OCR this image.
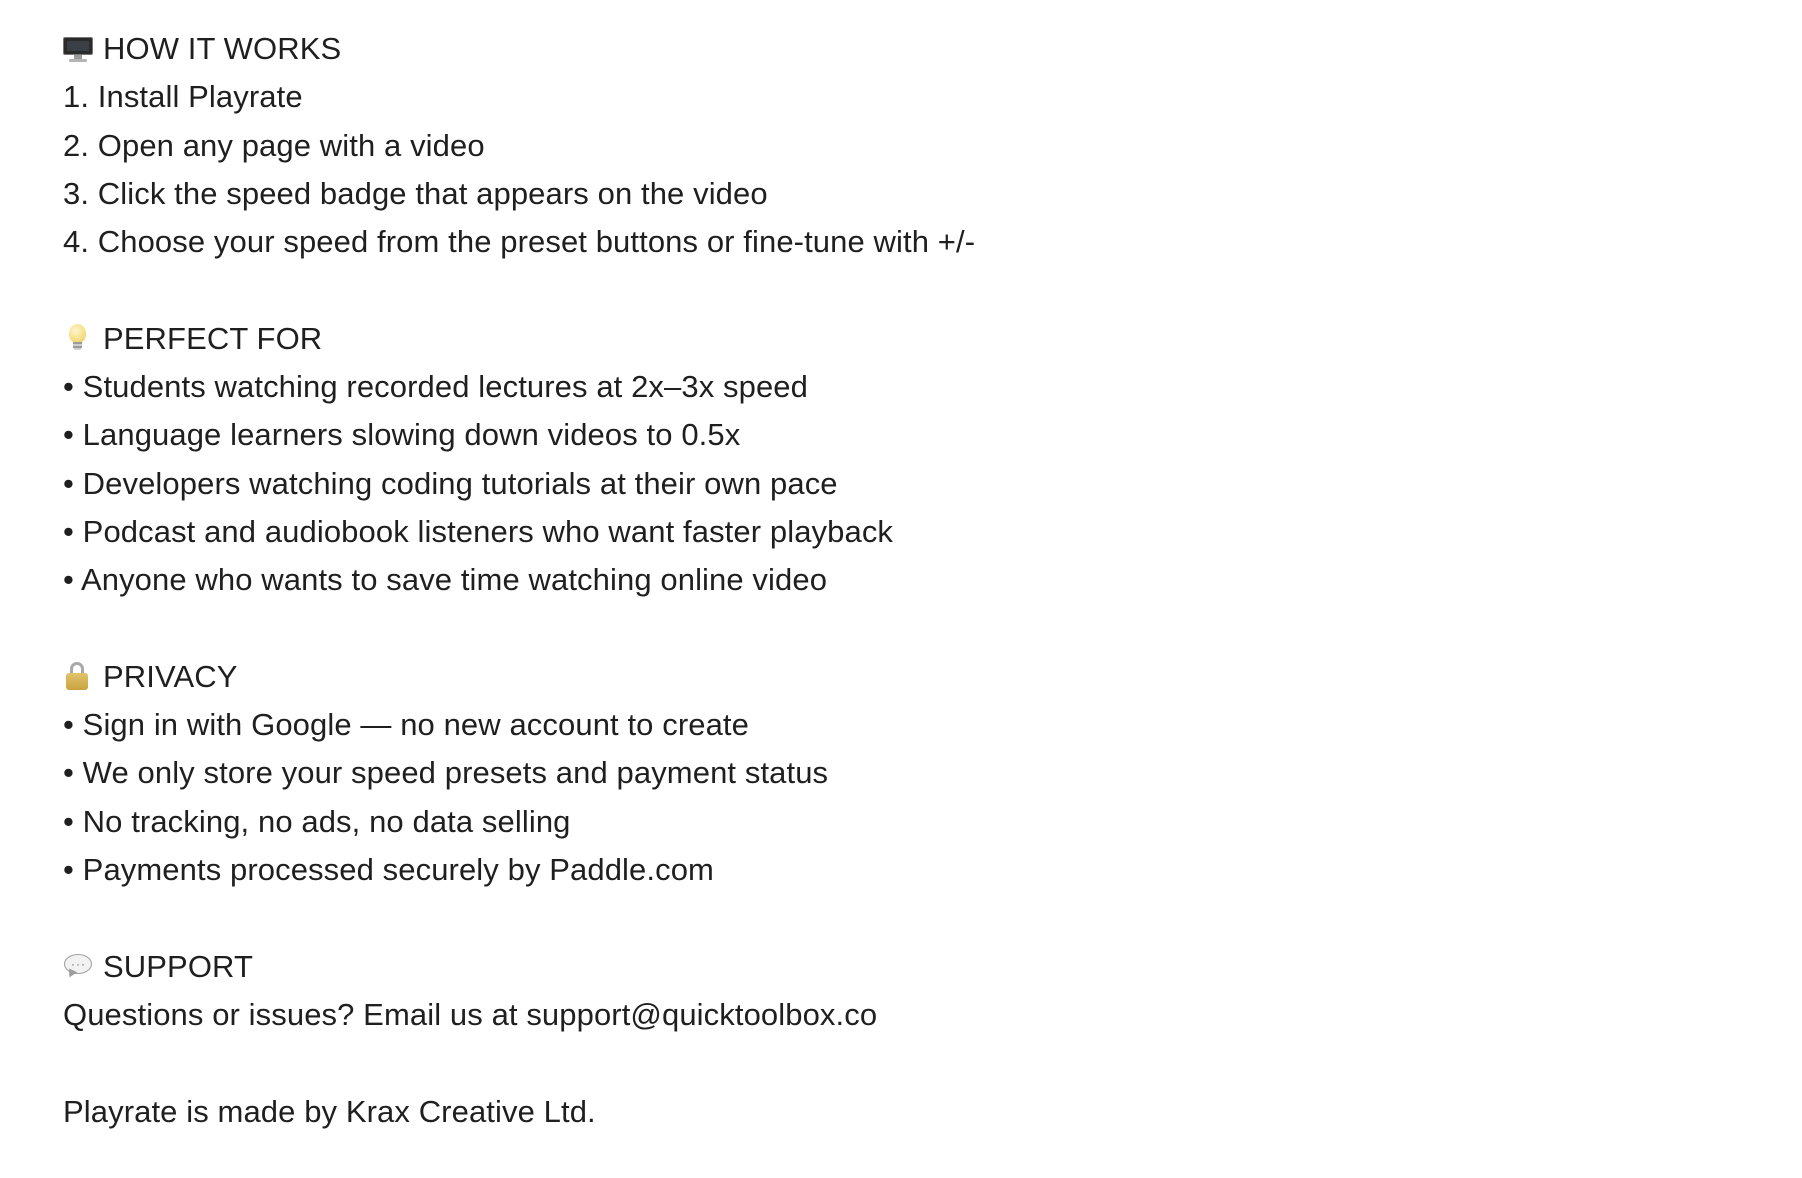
HOW IT WORKS
1. Install Playrate
2. Open any page with a video
3. Click the speed badge that appears on the video
4. Choose your speed from the preset buttons or fine-tune with +/-
PERFECT FOR
• Students watching recorded lectures at 2x–3x speed
• Language learners slowing down videos to 0.5x
• Developers watching coding tutorials at their own pace
• Podcast and audiobook listeners who want faster playback
• Anyone who wants to save time watching online video
PRIVACY
• Sign in with Google — no new account to create
• We only store your speed presets and payment status
• No tracking, no ads, no data selling
• Payments processed securely by Paddle.com
··· SUPPORT
Questions or issues? Email us at support@quicktoolbox.co
Playrate is made by Krax Creative Ltd.
